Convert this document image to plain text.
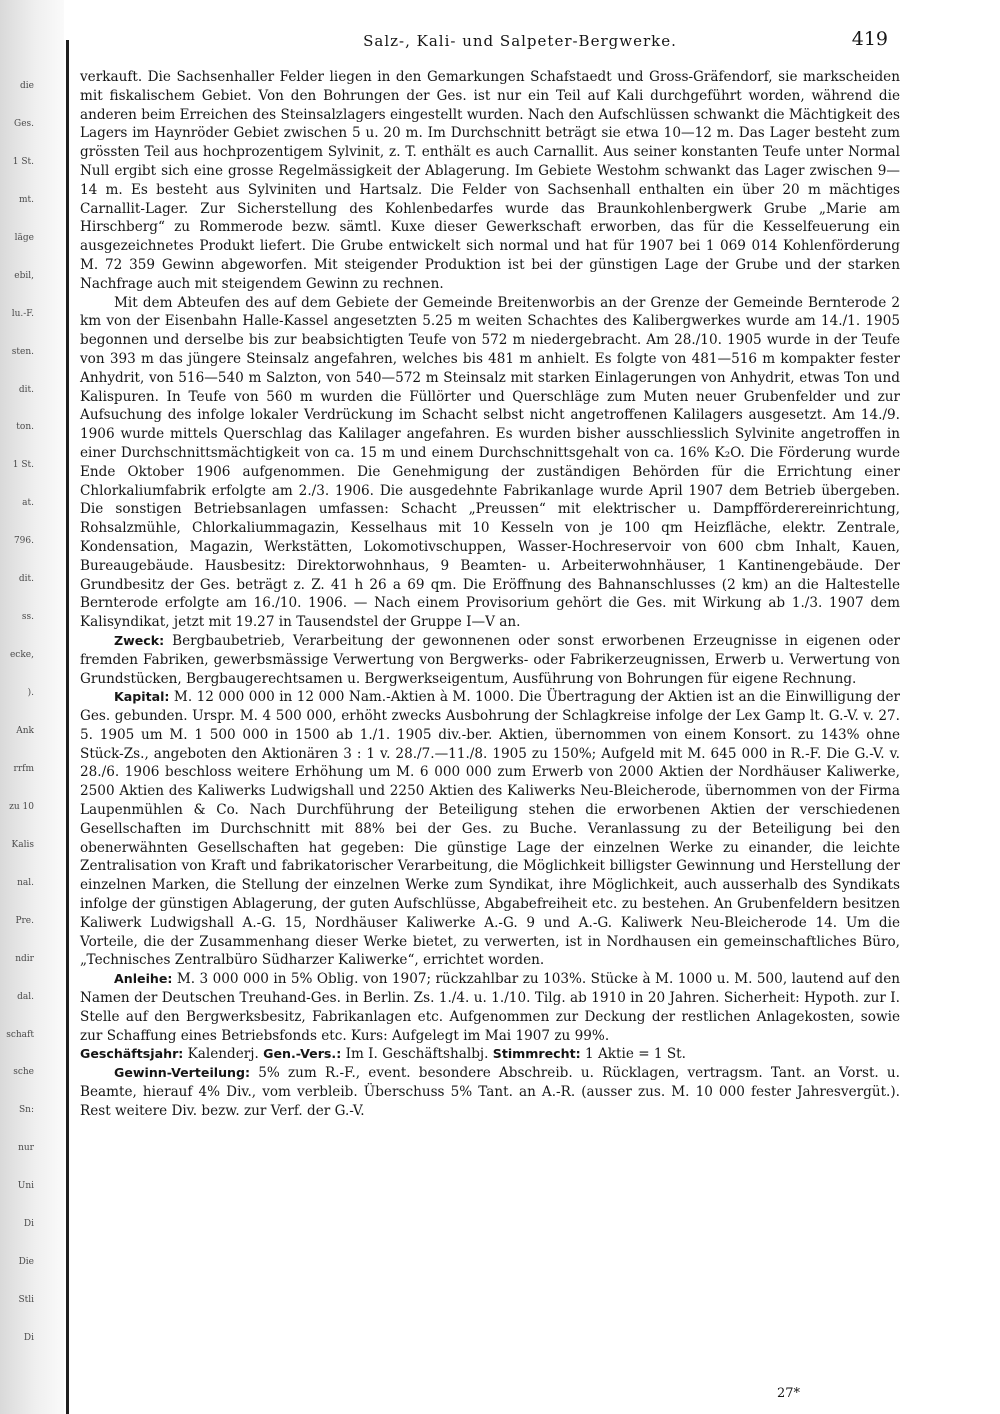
die
Ges.
1 St.
mt.
läge
ebil,
lu.-F.
sten.
dit.
ton.
1 St.
at.
796.
dit.
ss.
ecke,
).
Ank
rrfm
zu 10
Kalis
nal.
Pre.
ndir
dal.
schaft
sche
Sn:
nur
Uni
Di
Die
Stli
Di
Salz-, Kali- und Salpeter-Bergwerke.	419

verkauft. Die Sachsenhaller Felder liegen in den Gemarkungen Schafstaedt und Gross-Gräfendorf, sie markscheiden mit fiskalischem Gebiet. Von den Bohrungen der Ges. ist nur ein Teil auf Kali durchgeführt worden, während die anderen beim Erreichen des Steinsalzlagers eingestellt wurden. Nach den Aufschlüssen schwankt die Mächtigkeit des Lagers im Haynröder Gebiet zwischen 5 u. 20 m. Im Durchschnitt beträgt sie etwa 10—12 m. Das Lager besteht zum grössten Teil aus hochprozentigem Sylvinit, z. T. enthält es auch Carnallit. Aus seiner konstanten Teufe unter Normal Null ergibt sich eine grosse Regelmässigkeit der Ablagerung. Im Gebiete Westohm schwankt das Lager zwischen 9—14 m. Es besteht aus Sylviniten und Hartsalz. Die Felder von Sachsenhall enthalten ein über 20 m mächtiges Carnallit-Lager. Zur Sicherstellung des Kohlenbedarfes wurde das Braunkohlenbergwerk Grube „Marie am Hirschberg“ zu Rommerode bezw. sämtl. Kuxe dieser Gewerkschaft erworben, das für die Kesselfeuerung ein ausgezeichnetes Produkt liefert. Die Grube entwickelt sich normal und hat für 1907 bei 1 069 014 Kohlenförderung M. 72 359 Gewinn abgeworfen. Mit steigender Produktion ist bei der günstigen Lage der Grube und der starken Nachfrage auch mit steigendem Gewinn zu rechnen.

Mit dem Abteufen des auf dem Gebiete der Gemeinde Breitenworbis an der Grenze der Gemeinde Bernterode 2 km von der Eisenbahn Halle-Kassel angesetzten 5.25 m weiten Schachtes des Kalibergwerkes wurde am 14./1. 1905 begonnen und derselbe bis zur beabsichtigten Teufe von 572 m niedergebracht. Am 28./10. 1905 wurde in der Teufe von 393 m das jüngere Steinsalz angefahren, welches bis 481 m anhielt. Es folgte von 481—516 m kompakter fester Anhydrit, von 516—540 m Salzton, von 540—572 m Steinsalz mit starken Einlagerungen von Anhydrit, etwas Ton und Kalispuren. In Teufe von 560 m wurden die Füllörter und Querschläge zum Muten neuer Grubenfelder und zur Aufsuchung des infolge lokaler Verdrückung im Schacht selbst nicht angetroffenen Kalilagers ausgesetzt. Am 14./9. 1906 wurde mittels Querschlag das Kalilager angefahren. Es wurden bisher ausschliesslich Sylvinite angetroffen in einer Durchschnittsmächtigkeit von ca. 15 m und einem Durchschnittsgehalt von ca. 16% K₂O. Die Förderung wurde Ende Oktober 1906 aufgenommen. Die Genehmigung der zuständigen Behörden für die Errichtung einer Chlorkaliumfabrik erfolgte am 2./3. 1906. Die ausgedehnte Fabrikanlage wurde April 1907 dem Betrieb übergeben. Die sonstigen Betriebsanlagen umfassen: Schacht „Preussen“ mit elektrischer u. Dampfförderereinrichtung, Rohsalzmühle, Chlorkaliummagazin, Kesselhaus mit 10 Kesseln von je 100 qm Heizfläche, elektr. Zentrale, Kondensation, Magazin, Werkstätten, Lokomotivschuppen, Wasser-Hochreservoir von 600 cbm Inhalt, Kauen, Bureaugebäude. Hausbesitz: Direktorwohnhaus, 9 Beamten- u. Arbeiterwohnhäuser, 1 Kantinengebäude. Der Grundbesitz der Ges. beträgt z. Z. 41 h 26 a 69 qm. Die Eröffnung des Bahnanschlusses (2 km) an die Haltestelle Bernterode erfolgte am 16./10. 1906. — Nach einem Provisorium gehört die Ges. mit Wirkung ab 1./3. 1907 dem Kalisyndikat, jetzt mit 19.27 in Tausendstel der Gruppe I—V an.

Zweck: Bergbaubetrieb, Verarbeitung der gewonnenen oder sonst erworbenen Erzeugnisse in eigenen oder fremden Fabriken, gewerbsmässige Verwertung von Bergwerks- oder Fabrikerzeugnissen, Erwerb u. Verwertung von Grundstücken, Bergbaugerechtsamen u. Bergwerkseigentum, Ausführung von Bohrungen für eigene Rechnung.

Kapital: M. 12 000 000 in 12 000 Nam.-Aktien à M. 1000. Die Übertragung der Aktien ist an die Einwilligung der Ges. gebunden. Urspr. M. 4 500 000, erhöht zwecks Ausbohrung der Schlagkreise infolge der Lex Gamp lt. G.-V. v. 27. 5. 1905 um M. 1 500 000 in 1500 ab 1./1. 1905 div.-ber. Aktien, übernommen von einem Konsort. zu 143% ohne Stück-Zs., angeboten den Aktionären 3 : 1 v. 28./7.—11./8. 1905 zu 150%; Aufgeld mit M. 645 000 in R.-F. Die G.-V. v. 28./6. 1906 beschloss weitere Erhöhung um M. 6 000 000 zum Erwerb von 2000 Aktien der Nordhäuser Kaliwerke, 2500 Aktien des Kaliwerks Ludwigshall und 2250 Aktien des Kaliwerks Neu-Bleicherode, übernommen von der Firma Laupenmühlen & Co. Nach Durchführung der Beteiligung stehen die erworbenen Aktien der verschiedenen Gesellschaften im Durchschnitt mit 88% bei der Ges. zu Buche. Veranlassung zu der Beteiligung bei den obenerwähnten Gesellschaften hat gegeben: Die günstige Lage der einzelnen Werke zu einander, die leichte Zentralisation von Kraft und fabrikatorischer Verarbeitung, die Möglichkeit billigster Gewinnung und Herstellung der einzelnen Marken, die Stellung der einzelnen Werke zum Syndikat, ihre Möglichkeit, auch ausserhalb des Syndikats infolge der günstigen Ablagerung, der guten Aufschlüsse, Abgabefreiheit etc. zu bestehen. An Grubenfeldern besitzen Kaliwerk Ludwigshall A.-G. 15, Nordhäuser Kaliwerke A.-G. 9 und A.-G. Kaliwerk Neu-Bleicherode 14. Um die Vorteile, die der Zusammenhang dieser Werke bietet, zu verwerten, ist in Nordhausen ein gemeinschaftliches Büro, „Technisches Zentralbüro Südharzer Kaliwerke“, errichtet worden.

Anleihe: M. 3 000 000 in 5% Oblig. von 1907; rückzahlbar zu 103%. Stücke à M. 1000 u. M. 500, lautend auf den Namen der Deutschen Treuhand-Ges. in Berlin. Zs. 1./4. u. 1./10. Tilg. ab 1910 in 20 Jahren. Sicherheit: Hypoth. zur I. Stelle auf den Bergwerksbesitz, Fabrikanlagen etc. Aufgenommen zur Deckung der restlichen Anlagekosten, sowie zur Schaffung eines Betriebsfonds etc. Kurs: Aufgelegt im Mai 1907 zu 99%.

Geschäftsjahr: Kalenderj. Gen.-Vers.: Im I. Geschäftshalbj. Stimmrecht: 1 Aktie = 1 St.

Gewinn-Verteilung: 5% zum R.-F., event. besondere Abschreib. u. Rücklagen, vertragsm. Tant. an Vorst. u. Beamte, hierauf 4% Div., vom verbleib. Überschuss 5% Tant. an A.-R. (ausser zus. M. 10 000 fester Jahresvergüt.). Rest weitere Div. bezw. zur Verf. der G.-V.

27*
